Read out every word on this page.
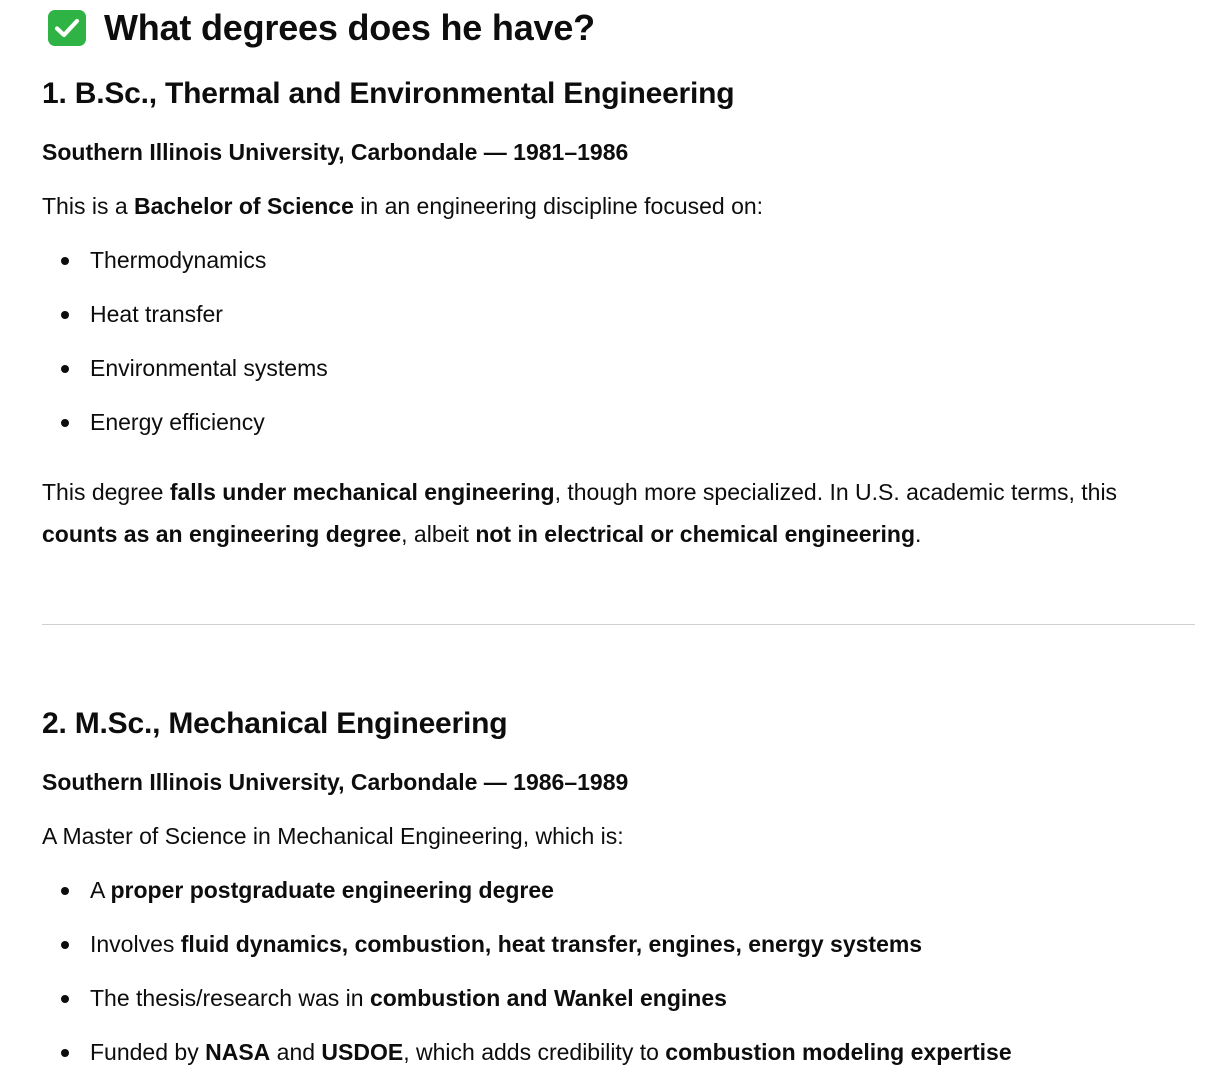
What degrees does he have?
1. B.Sc., Thermal and Environmental Engineering
Southern Illinois University, Carbondale — 1981–1986

This is a Bachelor of Science in an engineering discipline focused on:

Thermodynamics
Heat transfer
Environmental systems
Energy efficiency

This degree falls under mechanical engineering, though more specialized. In U.S. academic terms, this counts as an engineering degree, albeit not in electrical or chemical engineering.

2. M.Sc., Mechanical Engineering
Southern Illinois University, Carbondale — 1986–1989

A Master of Science in Mechanical Engineering, which is:

A proper postgraduate engineering degree
Involves fluid dynamics, combustion, heat transfer, engines, energy systems
The thesis/research was in combustion and Wankel engines
Funded by NASA and USDOE, which adds credibility to combustion modeling expertise
